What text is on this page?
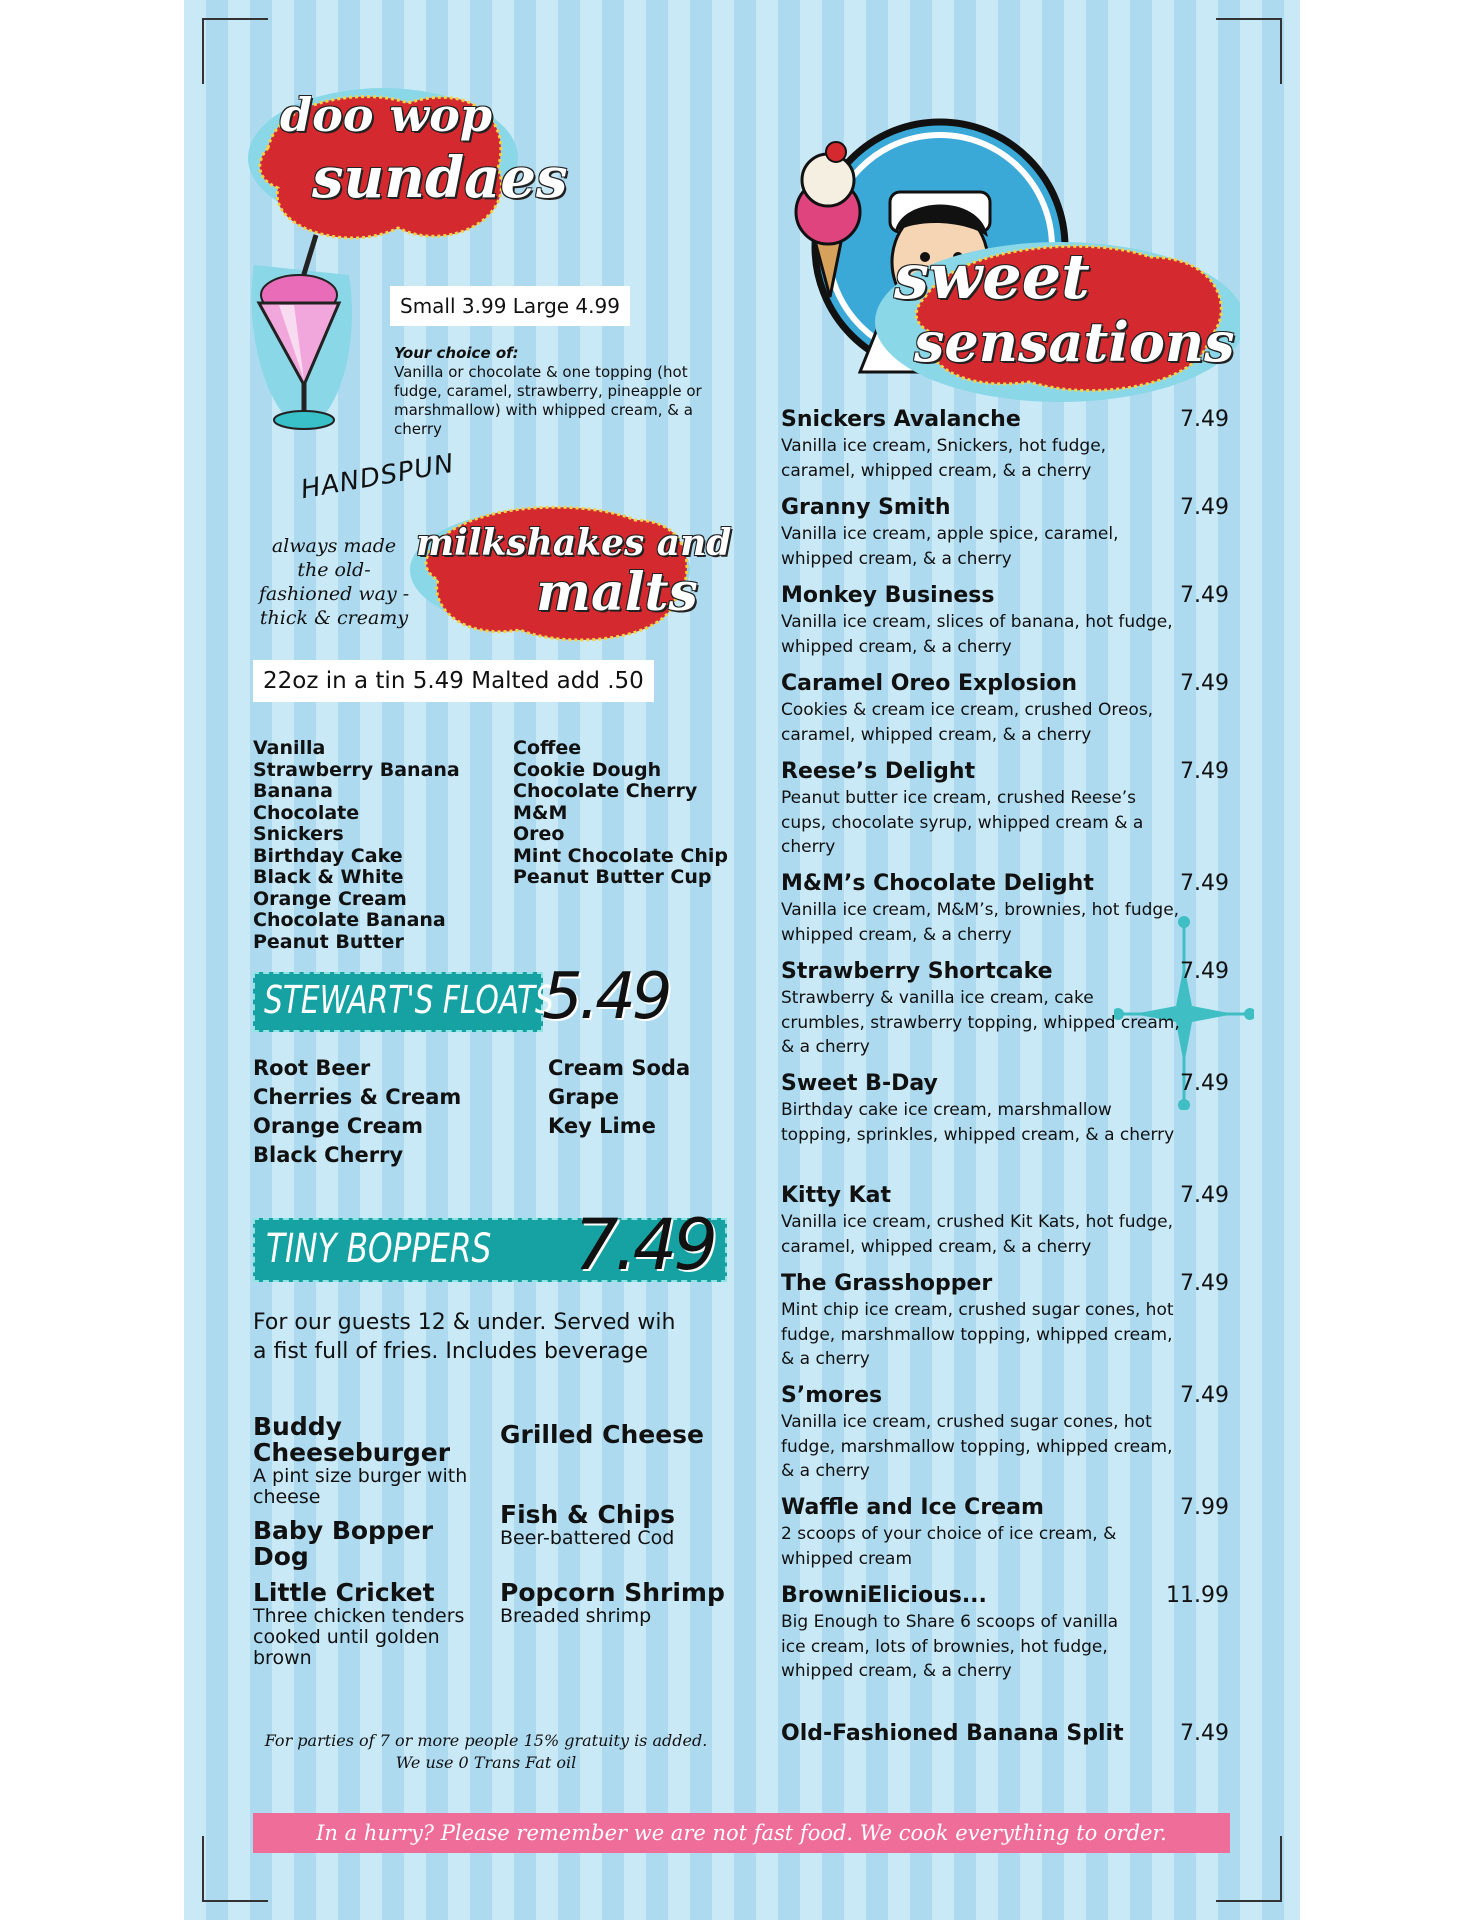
doo wop
sundaes
Small 3.99 Large 4.99
Your choice of:
Vanilla or chocolate & one topping (hot fudge, caramel, strawberry, pineapple or marshmallow) with whipped cream, & a cherry
HANDSPUN
always made the old-fashioned way - thick & creamy
milkshakes and
malts
22oz in a tin 5.49 Malted add .50
Vanilla
Strawberry Banana
Banana
Chocolate
Snickers
Birthday Cake
Black & White
Orange Cream
Chocolate Banana
Peanut Butter
Coffee
Cookie Dough
Chocolate Cherry
M&M
Oreo
Mint Chocolate Chip
Peanut Butter Cup
STEWART'S FLOATS
5.49
Root Beer
Cherries & Cream
Orange Cream
Black Cherry
Cream Soda
Grape
Key Lime
TINY BOPPERS 7.49
For our guests 12 & under. Served wih a fist full of fries. Includes beverage
Buddy Cheeseburger
A pint size burger with cheese
Grilled Cheese
Baby Bopper Dog
Fish & Chips
Beer-battered Cod
Little Cricket
Three chicken tenders cooked until golden brown
Popcorn Shrimp
Breaded shrimp
For parties of 7 or more people 15% gratuity is added.
We use 0 Trans Fat oil
In a hurry? Please remember we are not fast food. We cook everything to order.
sweet
sensations
Snickers Avalanche	7.49
Vanilla ice cream, Snickers, hot fudge, caramel, whipped cream, & a cherry
Granny Smith	7.49
Vanilla ice cream, apple spice, caramel, whipped cream, & a cherry
Monkey Business	7.49
Vanilla ice cream, slices of banana, hot fudge, whipped cream, & a cherry
Caramel Oreo Explosion	7.49
Cookies & cream ice cream, crushed Oreos, caramel, whipped cream, & a cherry
Reese’s Delight	7.49
Peanut butter ice cream, crushed Reese’s cups, chocolate syrup, whipped cream & a cherry
M&M’s Chocolate Delight	7.49
Vanilla ice cream, M&M’s, brownies, hot fudge, whipped cream, & a cherry
Strawberry Shortcake	7.49
Strawberry & vanilla ice cream, cake crumbles, strawberry topping, whipped cream, & a cherry
Sweet B-Day	7.49
Birthday cake ice cream, marshmallow topping, sprinkles, whipped cream, & a cherry
Kitty Kat	7.49
Vanilla ice cream, crushed Kit Kats, hot fudge, caramel, whipped cream, & a cherry
The Grasshopper	7.49
Mint chip ice cream, crushed sugar cones, hot fudge, marshmallow topping, whipped cream, & a cherry
S’mores	7.49
Vanilla ice cream, crushed sugar cones, hot fudge, marshmallow topping, whipped cream, & a cherry
Waffle and Ice Cream	7.99
2 scoops of your choice of ice cream, & whipped cream
BrowniElicious...	11.99
Big Enough to Share 6 scoops of vanilla ice cream, lots of brownies, hot fudge, whipped cream, & a cherry
Old-Fashioned Banana Split	7.49
